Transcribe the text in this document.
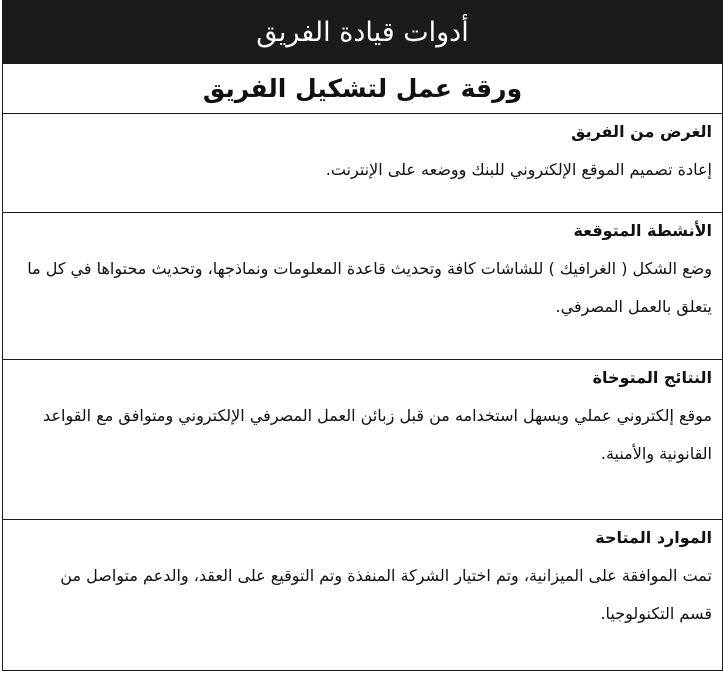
أدوات قيادة الفريق
ورقة عمل لتشكيل الفريق
الغرض من الفريق
إعادة تصميم الموقع الإلكتروني للبنك ووضعه على الإنترنت.
الأنشطة المتوقعة
وضع الشكل ( الغرافيك ) للشاشات كافة وتحديث قاعدة المعلومات ونماذجها، وتحديث محتواها في كل ما يتعلق بالعمل المصرفي.
النتائج المتوخاة
موقع إلكتروني عملي ويسهل استخدامه من قبل زبائن العمل المصرفي الإلكتروني ومتوافق مع القواعد القانونية والأمنية.
الموارد المتاحة
تمت الموافقة على الميزانية، وتم اختيار الشركة المنفذة وتم التوقيع على العقد، والدعم متواصل من قسم التكنولوجيا.
